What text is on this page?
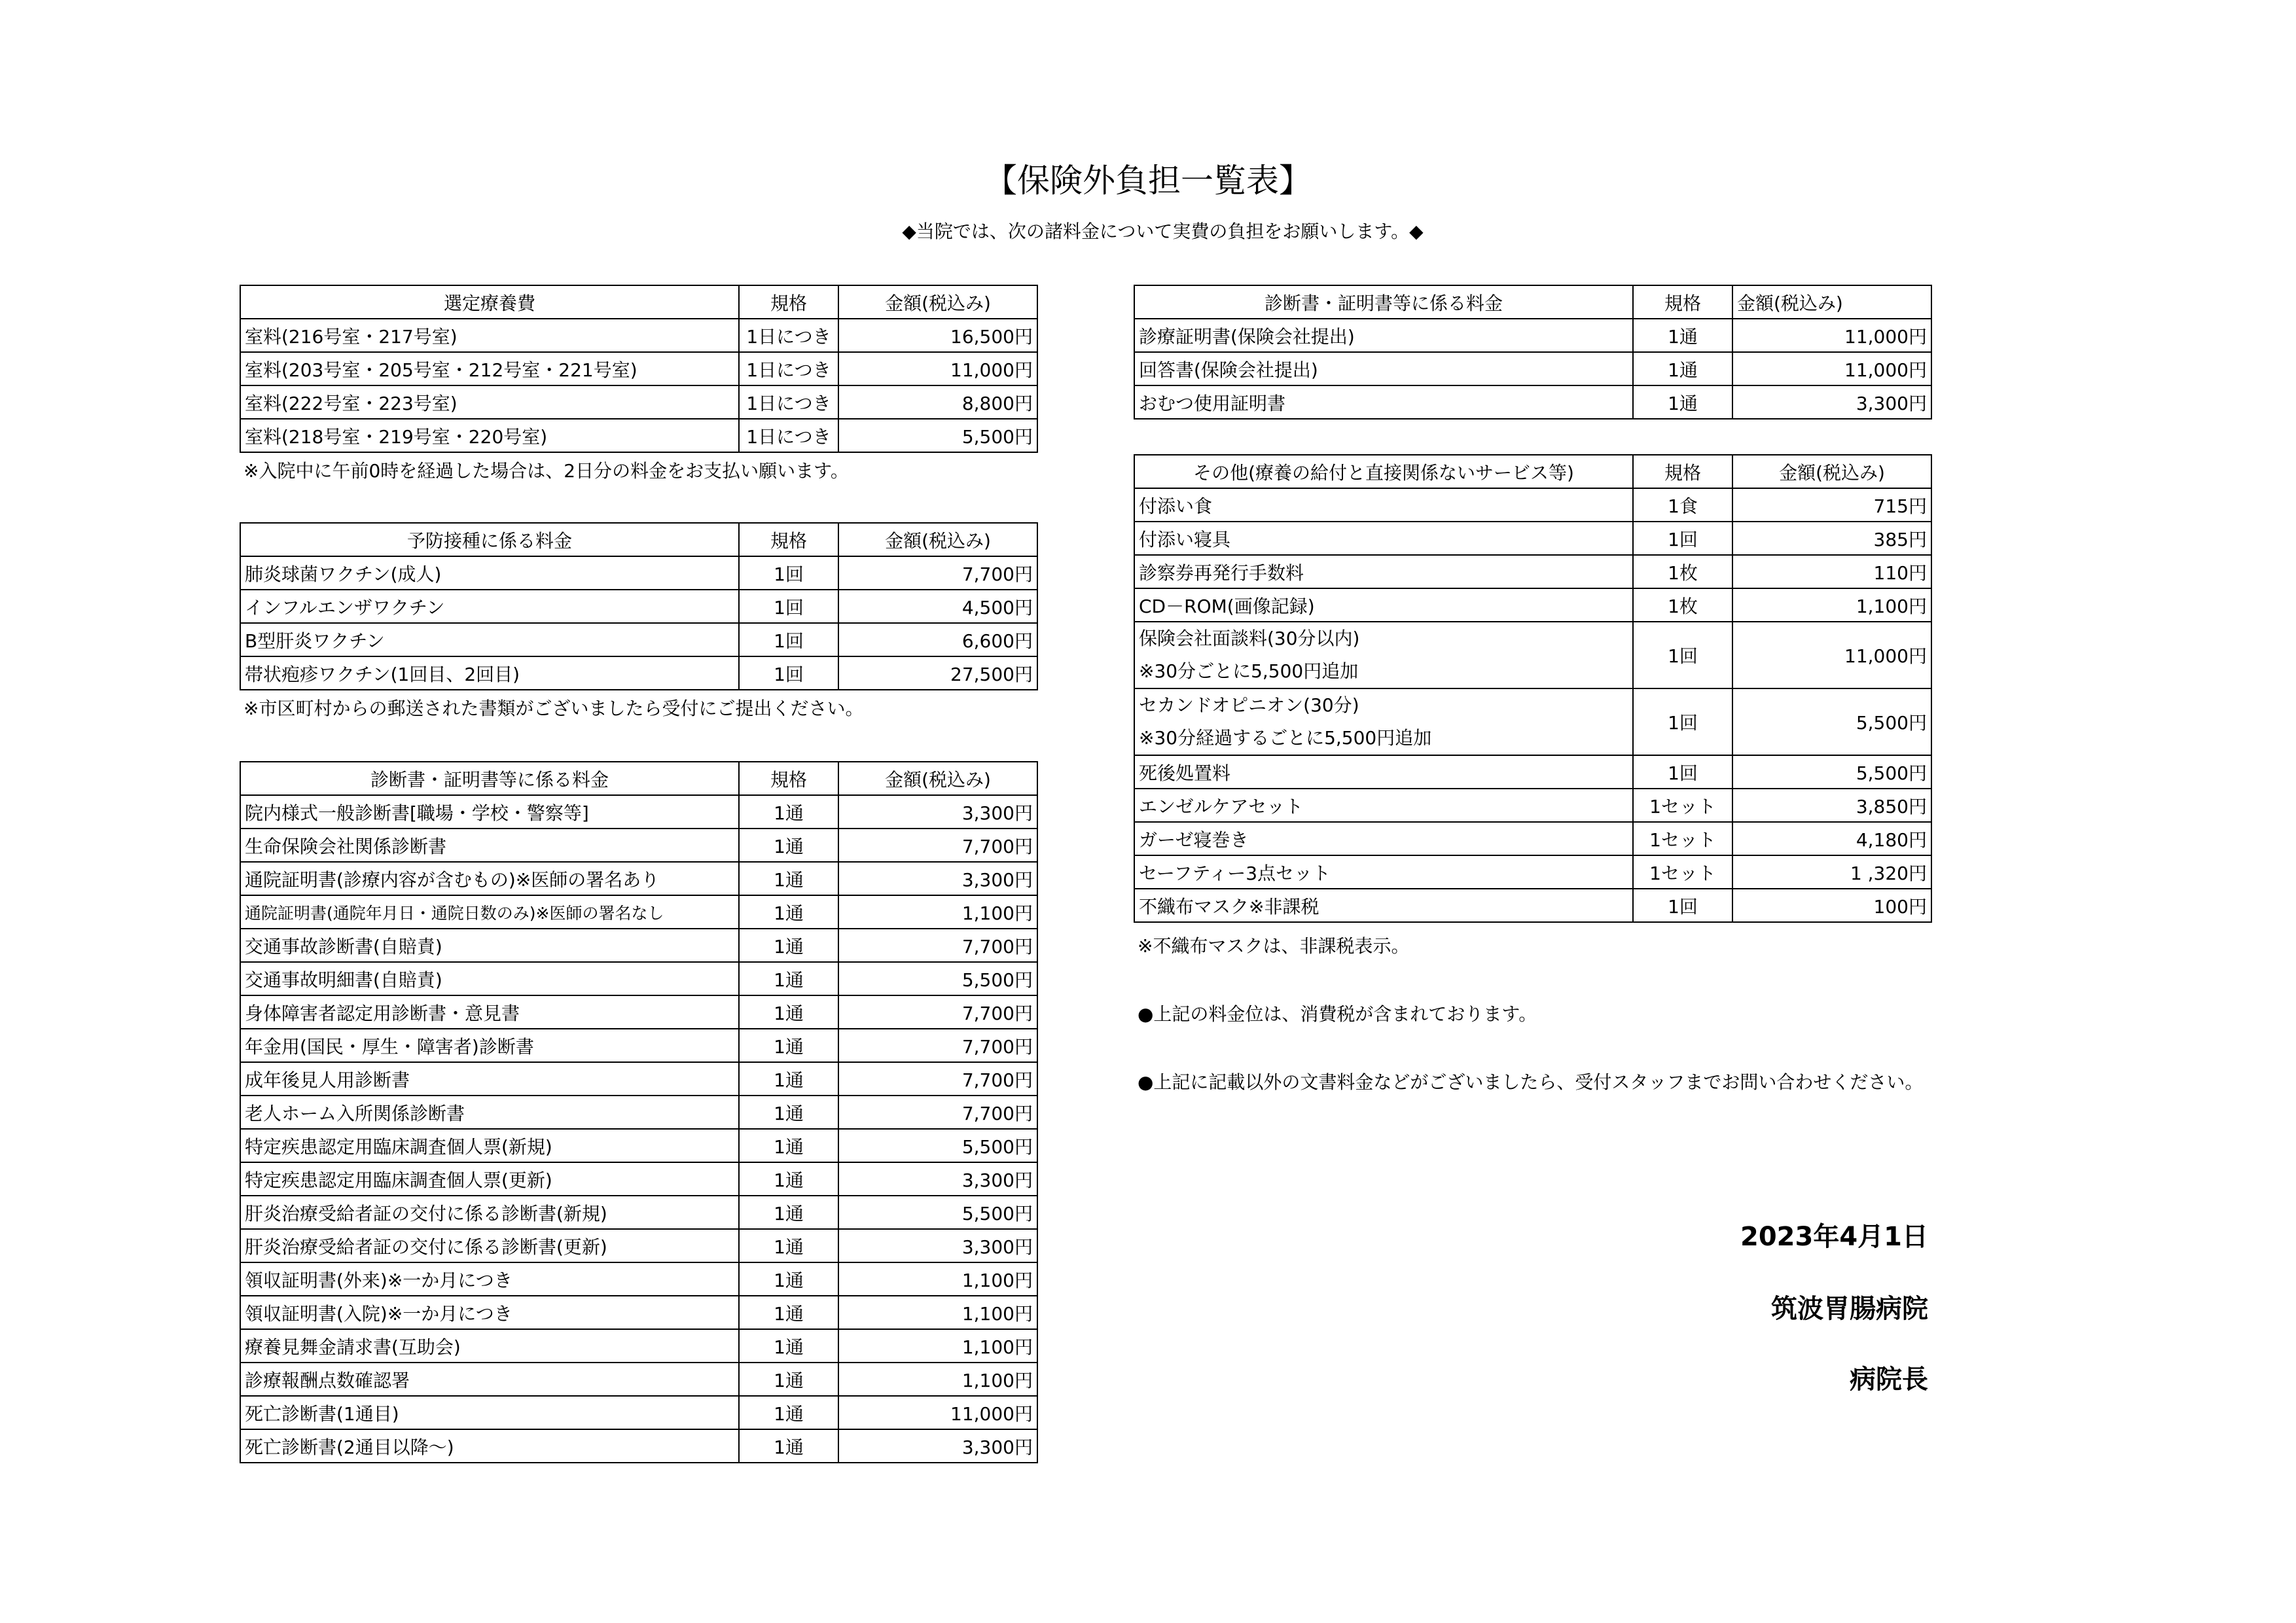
【保険外負担一覧表】
◆当院では、次の諸料金について実費の負担をお願いします。◆
選定療養費	規格	金額(税込み)
室料(216号室・217号室)	1日につき	16,500円
室料(203号室・205号室・212号室・221号室)	1日につき	11,000円
室料(222号室・223号室)	1日につき	8,800円
室料(218号室・219号室・220号室)	1日につき	5,500円
※入院中に午前0時を経過した場合は、2日分の料金をお支払い願います。
予防接種に係る料金	規格	金額(税込み)
肺炎球菌ワクチン(成人)	1回	7,700円
インフルエンザワクチン	1回	4,500円
B型肝炎ワクチン	1回	6,600円
帯状疱疹ワクチン(1回目、2回目)	1回	27,500円
※市区町村からの郵送された書類がございましたら受付にご提出ください。
診断書・証明書等に係る料金	規格	金額(税込み)
院内様式一般診断書[職場・学校・警察等]	1通	3,300円
生命保険会社関係診断書	1通	7,700円
通院証明書(診療内容が含むもの)※医師の署名あり	1通	3,300円
通院証明書(通院年月日・通院日数のみ)※医師の署名なし	1通	1,100円
交通事故診断書(自賠責)	1通	7,700円
交通事故明細書(自賠責)	1通	5,500円
身体障害者認定用診断書・意見書	1通	7,700円
年金用(国民・厚生・障害者)診断書	1通	7,700円
成年後見人用診断書	1通	7,700円
老人ホーム入所関係診断書	1通	7,700円
特定疾患認定用臨床調査個人票(新規)	1通	5,500円
特定疾患認定用臨床調査個人票(更新)	1通	3,300円
肝炎治療受給者証の交付に係る診断書(新規)	1通	5,500円
肝炎治療受給者証の交付に係る診断書(更新)	1通	3,300円
領収証明書(外来)※一か月につき	1通	1,100円
領収証明書(入院)※一か月につき	1通	1,100円
療養見舞金請求書(互助会)	1通	1,100円
診療報酬点数確認署	1通	1,100円
死亡診断書(1通目)	1通	11,000円
死亡診断書(2通目以降～)	1通	3,300円
診断書・証明書等に係る料金	規格	金額(税込み)
診療証明書(保険会社提出)	1通	11,000円
回答書(保険会社提出)	1通	11,000円
おむつ使用証明書	1通	3,300円
その他(療養の給付と直接関係ないサービス等)	規格	金額(税込み)
付添い食	1食	715円
付添い寝具	1回	385円
診察券再発行手数料	1枚	110円
CD－ROM(画像記録)	1枚	1,100円

保険会社面談料(30分以内)
※30分ごとに5,500円追加	1回	11,000円

セカンドオピニオン(30分)
※30分経過するごとに5,500円追加	1回	5,500円
死後処置料	1回	5,500円
エンゼルケアセット	1セット	3,850円
ガーゼ寝巻き	1セット	4,180円
セーフティー3点セット	1セット	1 ,320円
不織布マスク※非課税	1回	100円
※不織布マスクは、非課税表示。
●上記の料金位は、消費税が含まれております。
●上記に記載以外の文書料金などがございましたら、受付スタッフまでお問い合わせください。
2023年4月1日
筑波胃腸病院
病院長
